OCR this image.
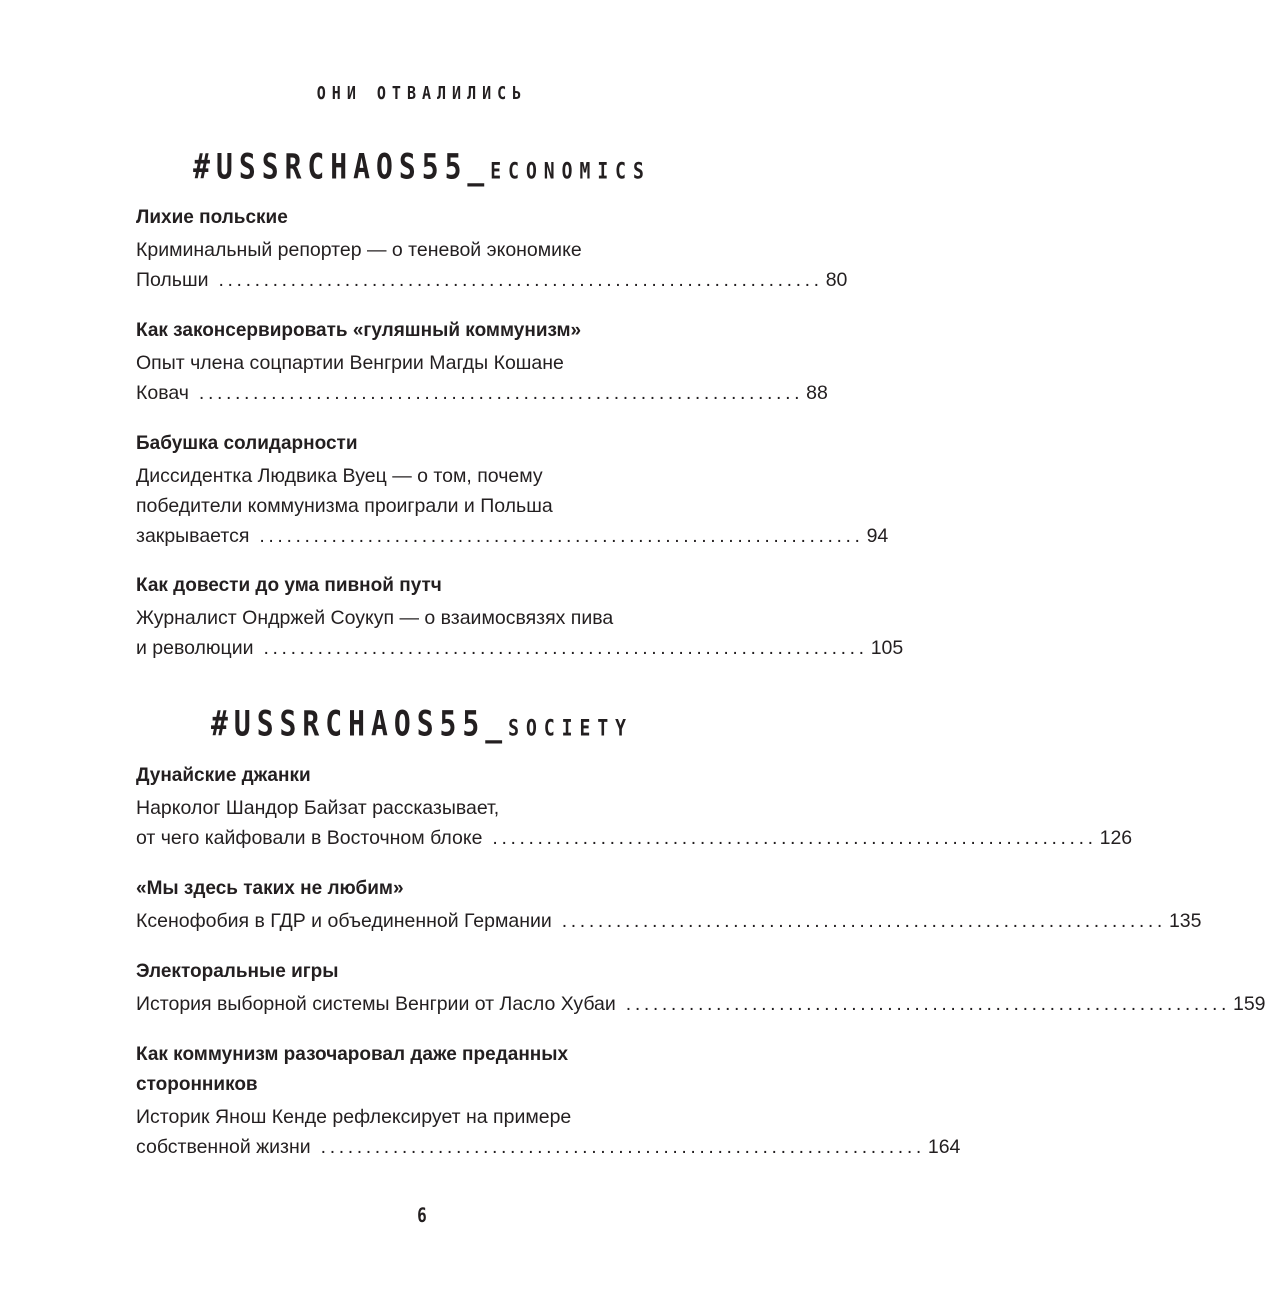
ОНИ ОТВАЛИЛИСЬ
#USSRCHAOS55_ECONOMICS
Лихие польские
Криминальный репортер — о теневой экономике
Польши ................................................................... 80
Как законсервировать «гуляшный коммунизм»
Опыт члена соцпартии Венгрии Магды Кошане
Ковач ................................................................... 88
Бабушка солидарности
Диссидентка Людвика Вуец — о том, почему
победители коммунизма проиграли и Польша
закрывается ................................................................... 94
Как довести до ума пивной путч
Журналист Ондржей Соукуп — о взаимосвязях пива
и революции ................................................................... 105
#USSRCHAOS55_SOCIETY
Дунайские джанки
Нарколог Шандор Байзат рассказывает,
от чего кайфовали в Восточном блоке ................................................................... 126
«Мы здесь таких не любим»
Ксенофобия в ГДР и объединенной Германии ................................................................... 135
Электоральные игры
История выборной системы Венгрии от Ласло Хубаи ................................................................... 159
Как коммунизм разочаровал даже преданных сторонников
Историк Янош Кенде рефлексирует на примере
собственной жизни ................................................................... 164
6
